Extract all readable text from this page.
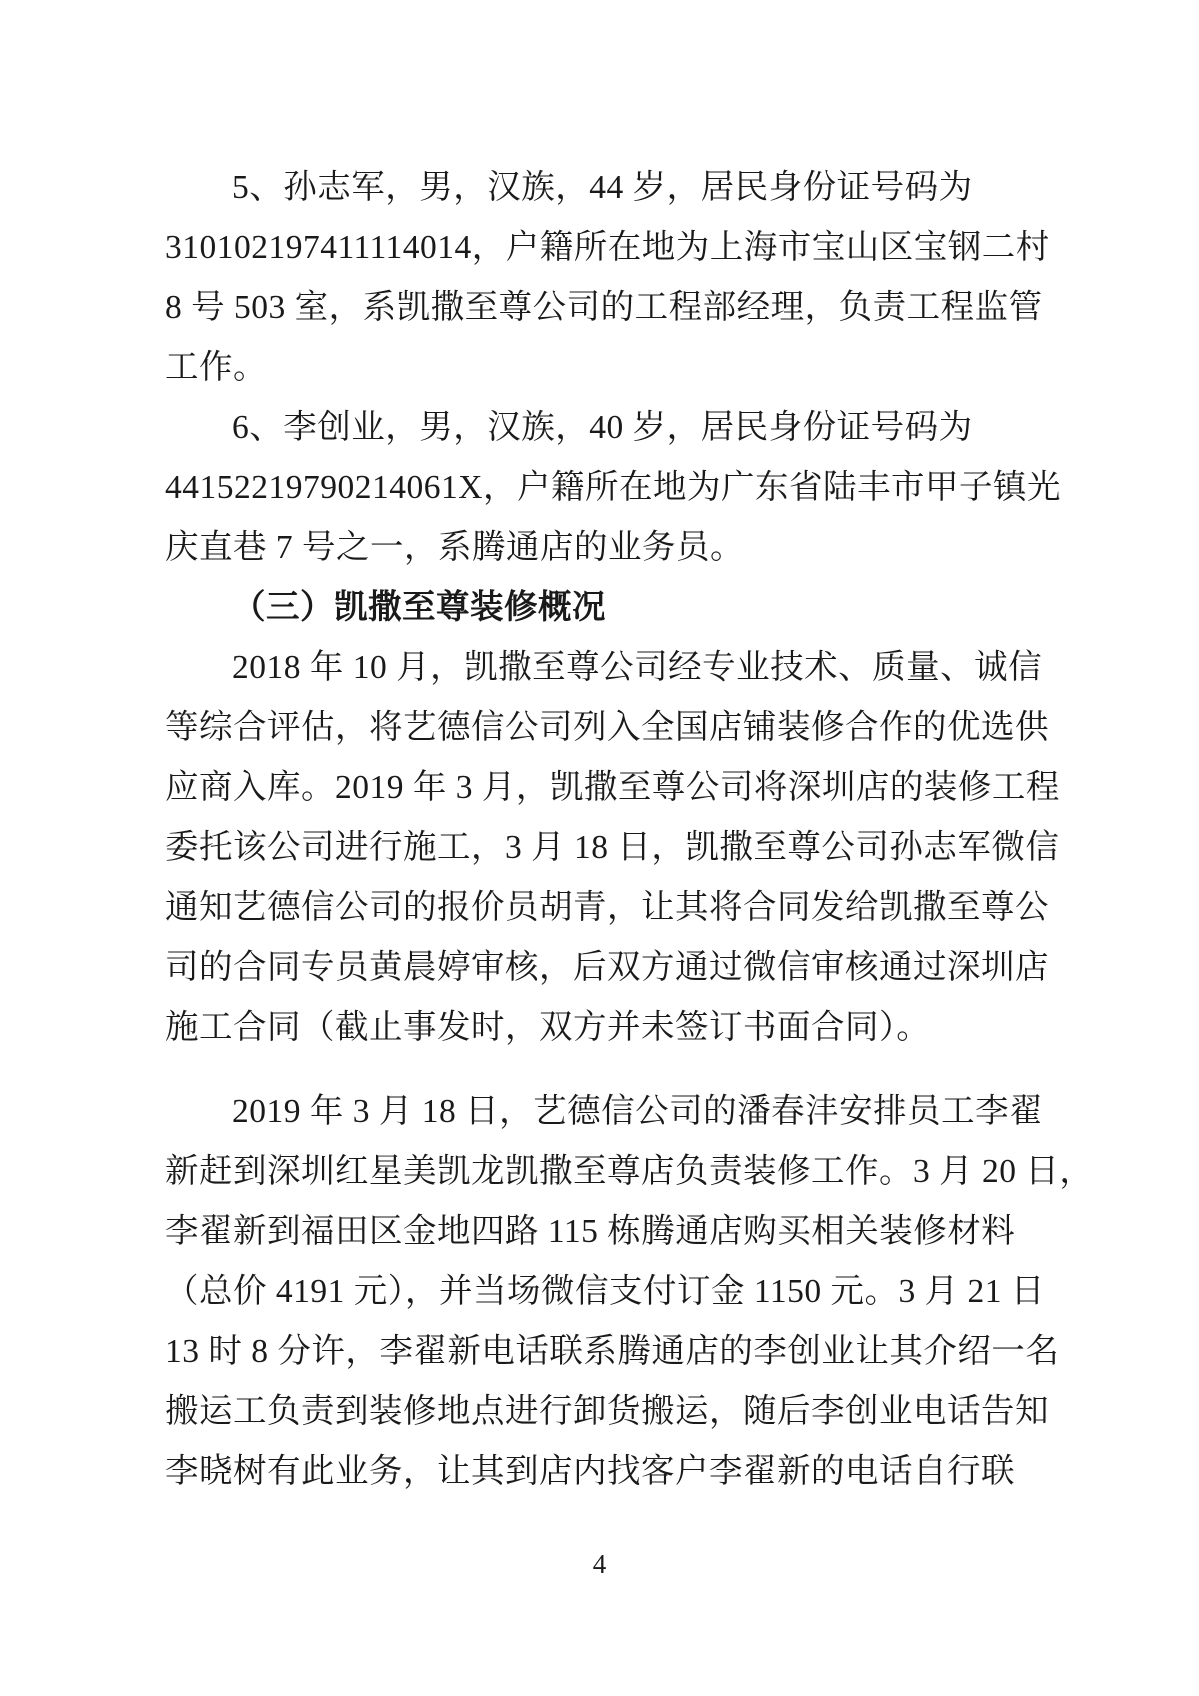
5、孙志军，男，汉族，44 岁，居民身份证号码为
310102197411114014，户籍所在地为上海市宝山区宝钢二村
8 号 503 室，系凯撒至尊公司的工程部经理，负责工程监管
工作。
6、李创业，男，汉族，40 岁，居民身份证号码为
44152219790214061X，户籍所在地为广东省陆丰市甲子镇光
庆直巷 7 号之一，系腾通店的业务员。
（三）凯撒至尊装修概况
2018 年 10 月，凯撒至尊公司经专业技术、质量、诚信
等综合评估，将艺德信公司列入全国店铺装修合作的优选供
应商入库。2019 年 3 月，凯撒至尊公司将深圳店的装修工程
委托该公司进行施工，3 月 18 日，凯撒至尊公司孙志军微信
通知艺德信公司的报价员胡青，让其将合同发给凯撒至尊公
司的合同专员黄晨婷审核，后双方通过微信审核通过深圳店
施工合同（截止事发时，双方并未签订书面合同）。
2019 年 3 月 18 日，艺德信公司的潘春沣安排员工李翟
新赶到深圳红星美凯龙凯撒至尊店负责装修工作。3 月 20 日，
李翟新到福田区金地四路 115 栋腾通店购买相关装修材料
（总价 4191 元），并当场微信支付订金 1150 元。3 月 21 日
13 时 8 分许，李翟新电话联系腾通店的李创业让其介绍一名
搬运工负责到装修地点进行卸货搬运，随后李创业电话告知
李晓树有此业务，让其到店内找客户李翟新的电话自行联
4
